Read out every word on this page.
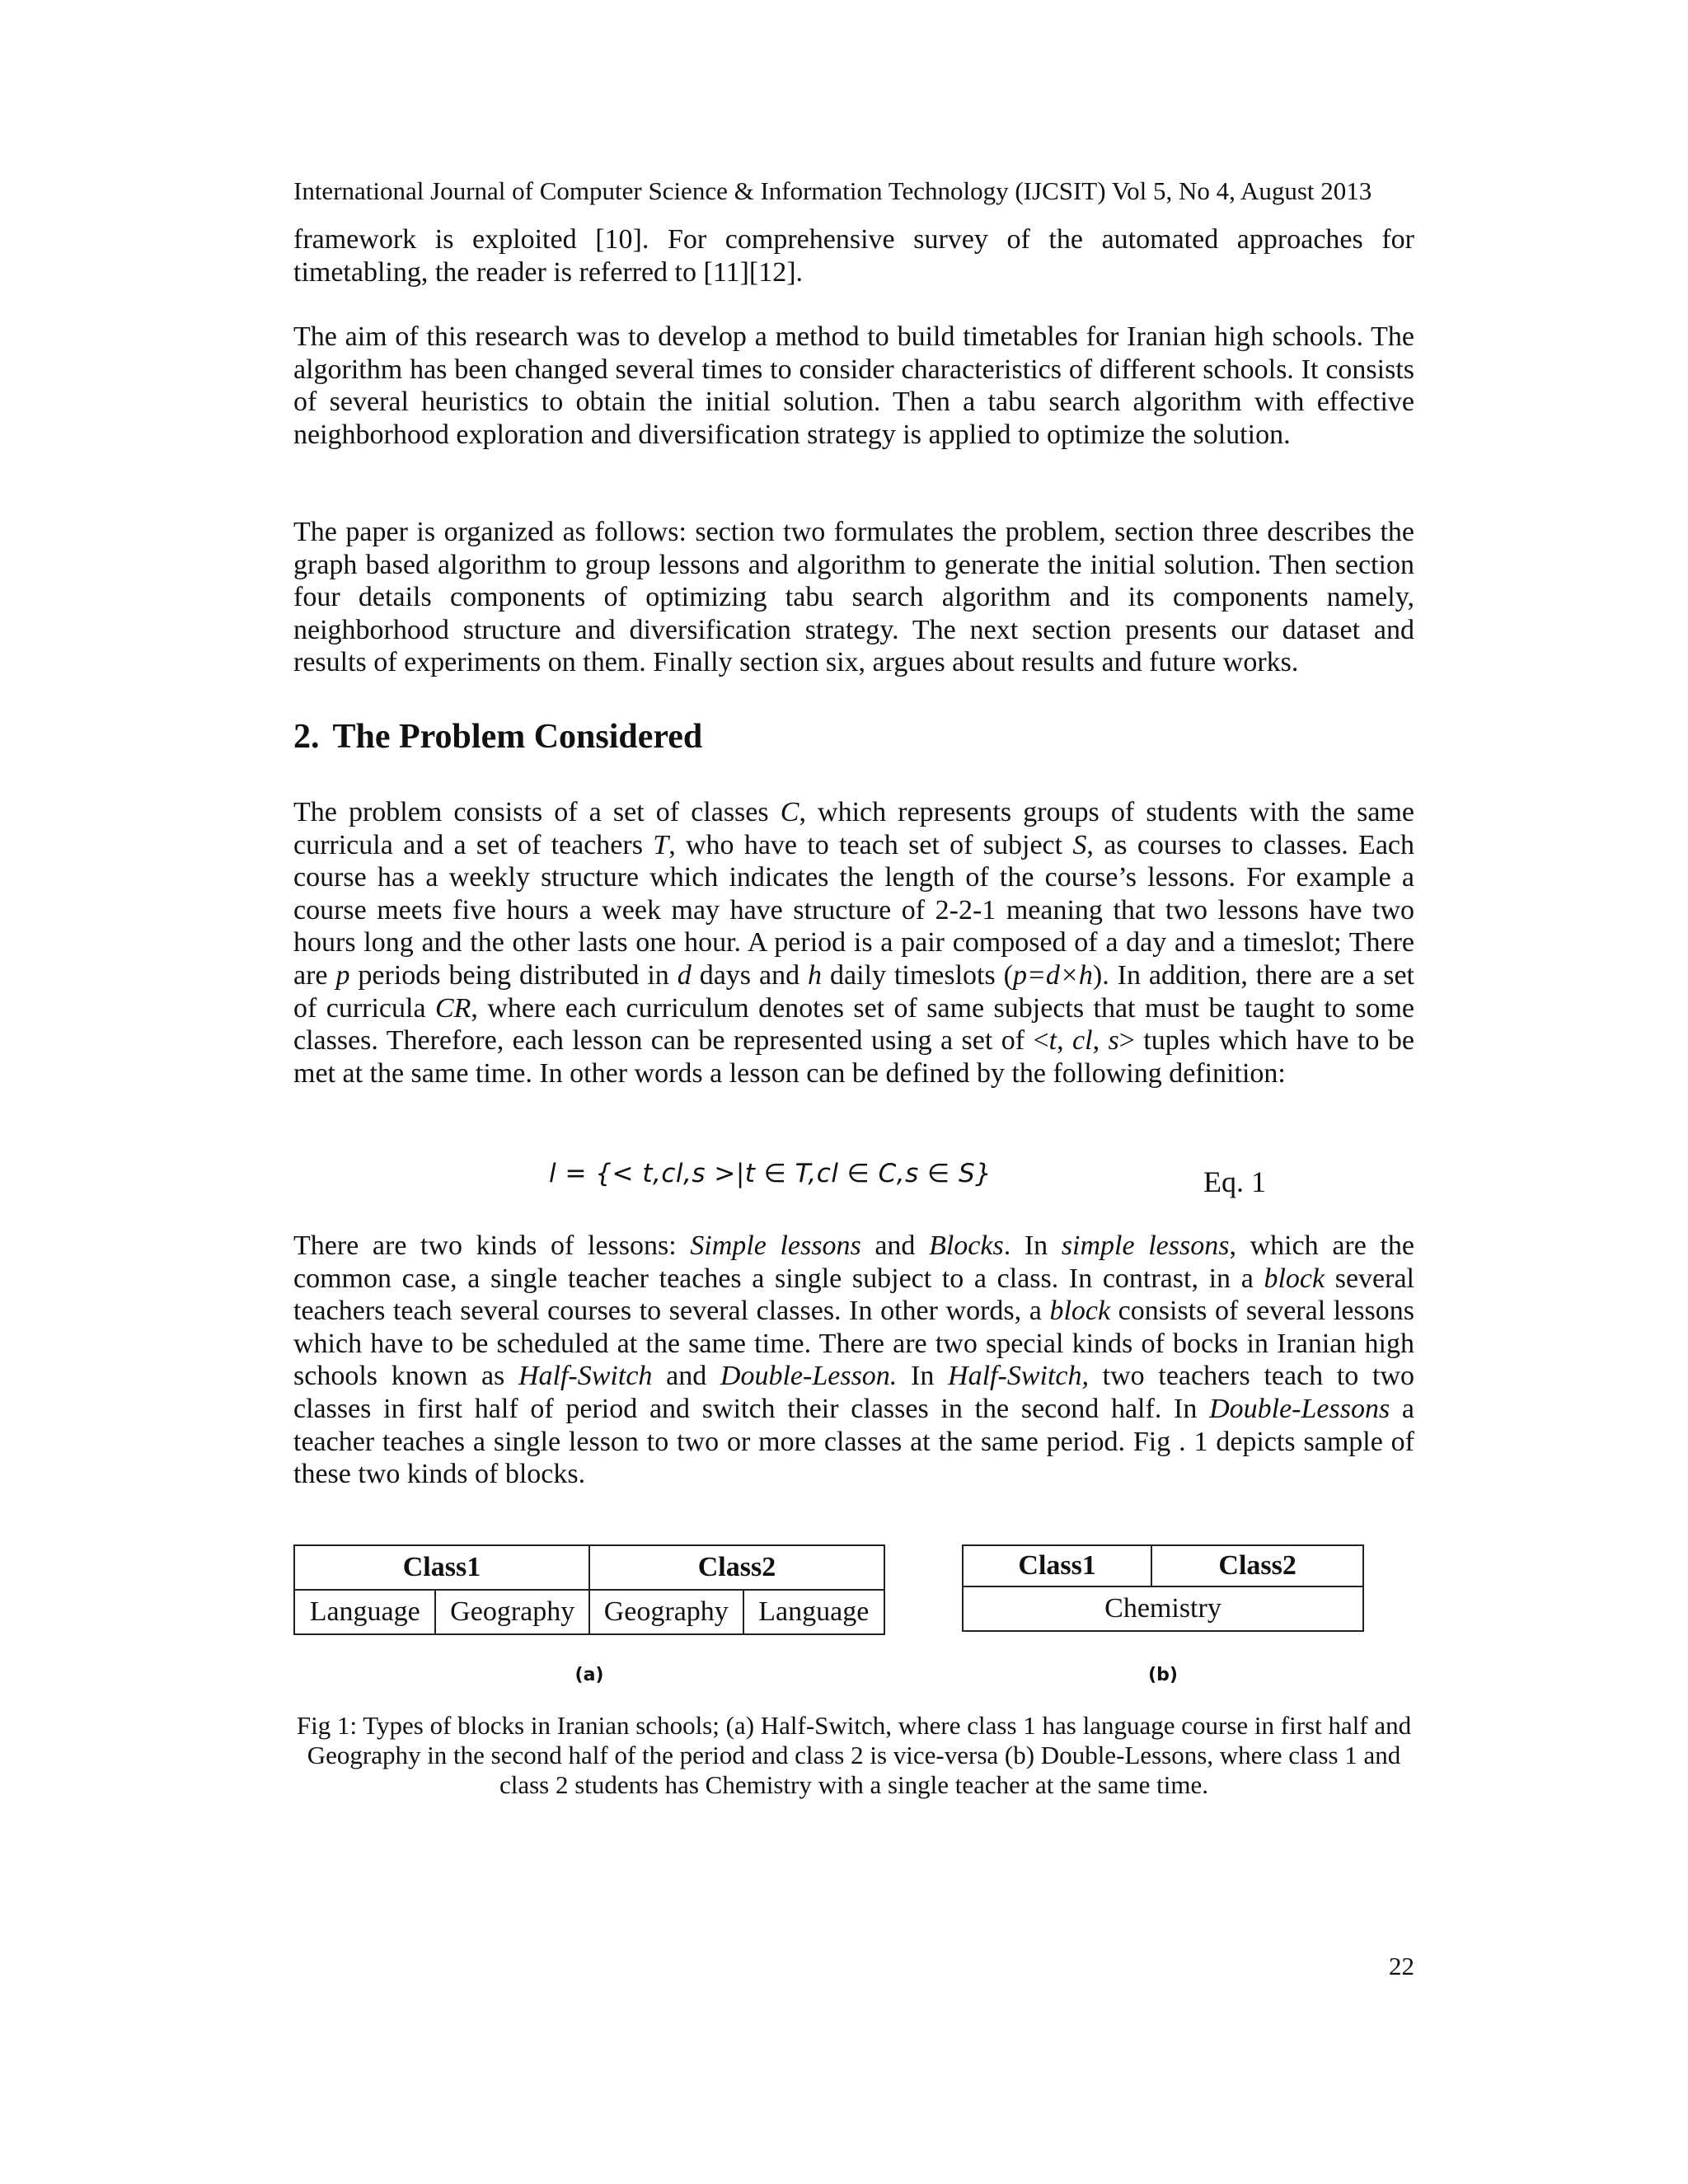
International Journal of Computer Science & Information Technology (IJCSIT) Vol 5, No 4, August 2013

framework is exploited [10]. For comprehensive survey of the automated approaches for timetabling, the reader is referred to [11][12].

The aim of this research was to develop a method to build timetables for Iranian high schools. The algorithm has been changed several times to consider characteristics of different schools. It consists of several heuristics to obtain the initial solution. Then a tabu search algorithm with effective neighborhood exploration and diversification strategy is applied to optimize the solution.

The paper is organized as follows: section two formulates the problem, section three describes the graph based algorithm to group lessons and algorithm to generate the initial solution. Then section four details components of optimizing tabu search algorithm and its components namely, neighborhood structure and diversification strategy. The next section presents our dataset and results of experiments on them. Finally section six, argues about results and future works.

2. The Problem Considered

The problem consists of a set of classes C, which represents groups of students with the same curricula and a set of teachers T, who have to teach set of subject S, as courses to classes. Each course has a weekly structure which indicates the length of the course’s lessons. For example a course meets five hours a week may have structure of 2-2-1 meaning that two lessons have two hours long and the other lasts one hour. A period is a pair composed of a day and a timeslot; There are p periods being distributed in d days and h daily timeslots (p=d×h). In addition, there are a set of curricula CR, where each curriculum denotes set of same subjects that must be taught to some classes. Therefore, each lesson can be represented using a set of <t, cl, s> tuples which have to be met at the same time. In other words a lesson can be defined by the following definition:

l = {< t,cl,s >|t ∈ T,cl ∈ C,s ∈ S}	Eq. 1

There are two kinds of lessons: Simple lessons and Blocks. In simple lessons, which are the common case, a single teacher teaches a single subject to a class. In contrast, in a block several teachers teach several courses to several classes. In other words, a block consists of several lessons which have to be scheduled at the same time. There are two special kinds of bocks in Iranian high schools known as Half-Switch and Double-Lesson. In Half-Switch, two teachers teach to two classes in first half of period and switch their classes in the second half. In Double-Lessons a teacher teaches a single lesson to two or more classes at the same period. Fig . 1 depicts sample of these two kinds of blocks.

Class1		Class2	
Language	Geography	Geography	Language
(a)
Class1	Class2
Chemistry
(b)

Fig 1: Types of blocks in Iranian schools; (a) Half-Switch, where class 1 has language course in first half and Geography in the second half of the period and class 2 is vice-versa (b) Double-Lessons, where class 1 and class 2 students has Chemistry with a single teacher at the same time.

22
